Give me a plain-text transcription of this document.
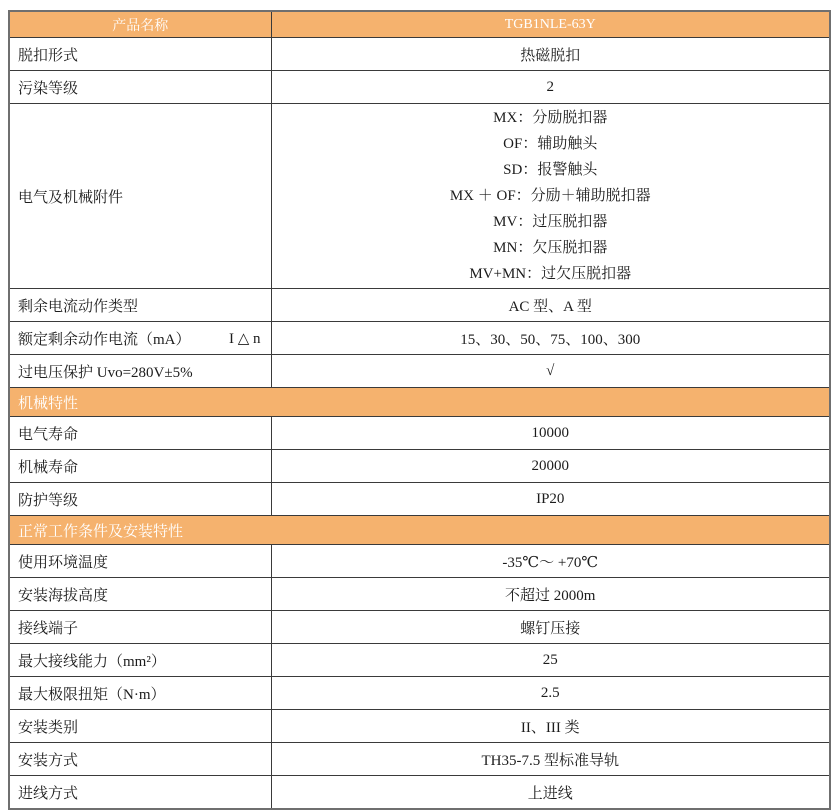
产品名称	TGB1NLE-63Y
脱扣形式	热磁脱扣
污染等级	2
电气及机械附件	
MX：分励脱扣器
OF：辅助触头
SD：报警触头
MX ＋ OF：分励＋辅助脱扣器
MV：过压脱扣器
MN：欠压脱扣器
MV+MN：过欠压脱扣器

剩余电流动作类型	AC 型、A 型

额定剩余动作电流（mA） I △ n	15、30、50、75、100、300
过电压保护 Uvo=280V±5%	√
机械特性	
电气寿命	10000
机械寿命	20000
防护等级	IP20
正常工作条件及安装特性	
使用环境温度	-35℃～ +70℃
安装海拔高度	不超过 2000m
接线端子	螺钉压接
最大接线能力（mm²）	25
最大极限扭矩（N·m）	2.5
安装类别	II、III 类
安装方式	TH35-7.5 型标准导轨
进线方式	上进线
